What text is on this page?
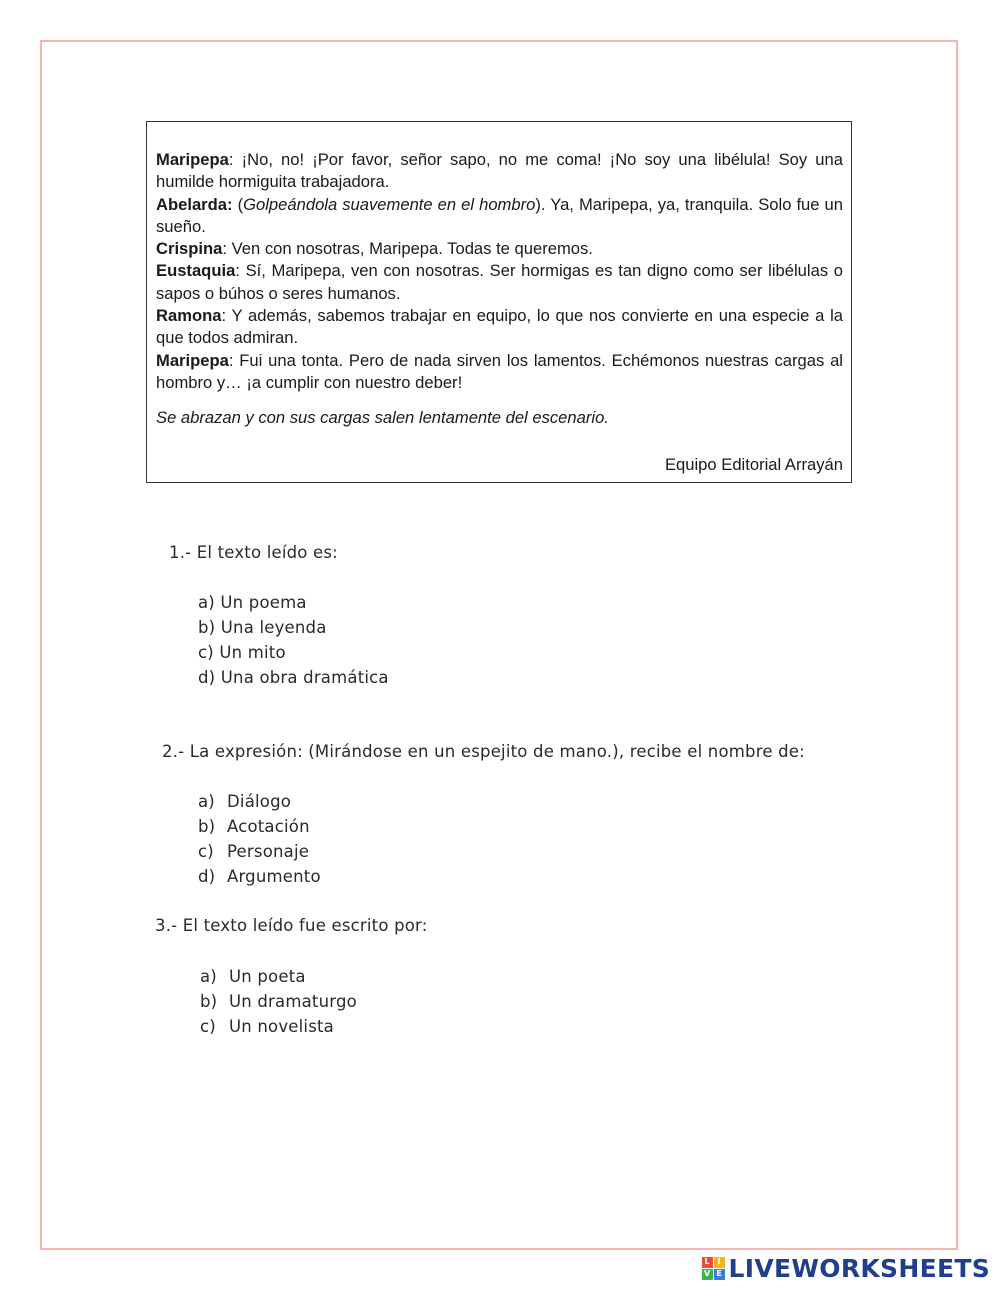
Maripepa: ¡No, no! ¡Por favor, señor sapo, no me coma! ¡No soy una libélula! Soy una humilde hormiguita trabajadora.

Abelarda: (Golpeándola suavemente en el hombro). Ya, Maripepa, ya, tranquila. Solo fue un sueño.

Crispina: Ven con nosotras, Maripepa. Todas te queremos.

Eustaquia: Sí, Maripepa, ven con nosotras. Ser hormigas es tan digno como ser libélulas o sapos o búhos o seres humanos.

Ramona: Y además, sabemos trabajar en equipo, lo que nos convierte en una especie a la que todos admiran.

Maripepa: Fui una tonta. Pero de nada sirven los lamentos. Echémonos nuestras cargas al hombro y… ¡a cumplir con nuestro deber!

Se abrazan y con sus cargas salen lentamente del escenario.

Equipo Editorial Arrayán
1.- El texto leído es:
a) Un poema
b) Una leyenda
c) Un mito
d) Una obra dramática
2.- La expresión: (Mirándose en un espejito de mano.), recibe el nombre de:
a) Diálogo
b) Acotación
c) Personaje
d) Argumento
3.- El texto leído fue escrito por:
a) Un poeta
b) Un dramaturgo
c) Un novelista
L I
V E LIVEWORKSHEETS
